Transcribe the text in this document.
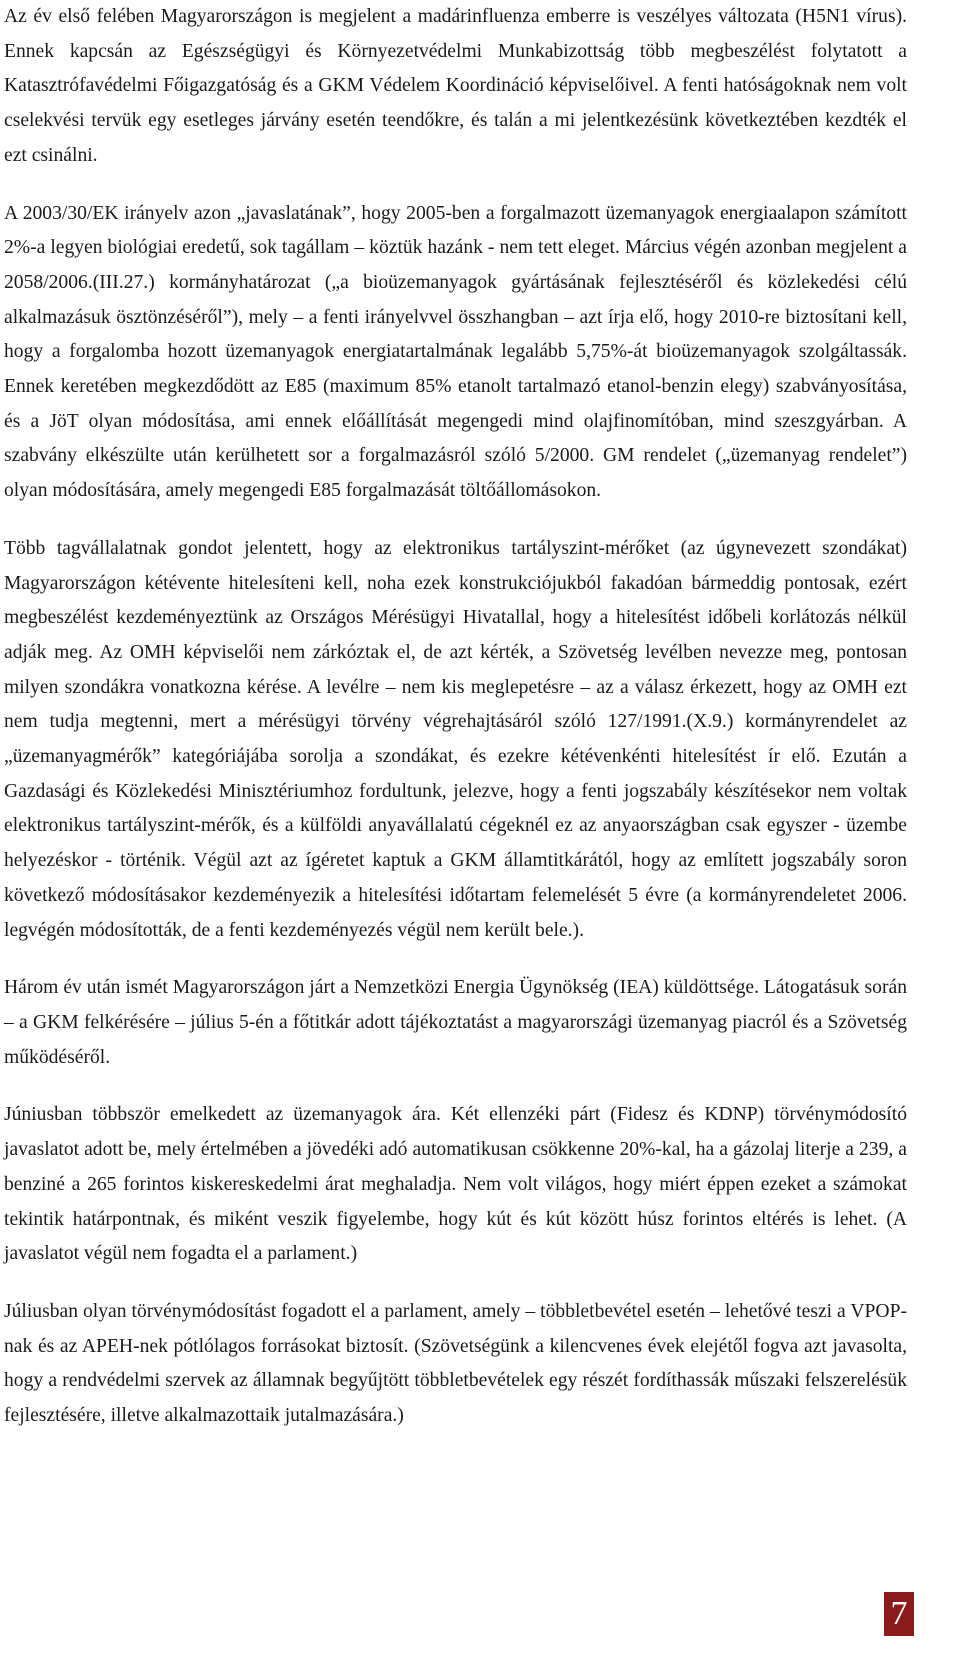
Az év első felében Magyarországon is megjelent a madárinfluenza emberre is veszélyes változata (H5N1 vírus). Ennek kapcsán az Egészségügyi és Környezetvédelmi Munkabizottság több megbeszélést folytatott a Katasztrófavédelmi Főigazgatóság és a GKM Védelem Koordináció képviselőivel. A fenti hatóságoknak nem volt cselekvési tervük egy esetleges járvány esetén teendőkre, és talán a mi jelentkezésünk következtében kezdték el ezt csinálni.

A 2003/30/EK irányelv azon „javaslatának”, hogy 2005-ben a forgalmazott üzemanyagok energiaalapon számított 2%-a legyen biológiai eredetű, sok tagállam – köztük hazánk - nem tett eleget. Március végén azonban megjelent a 2058/2006.(III.27.) kormányhatározat („a bioüzemanyagok gyártásának fejlesztéséről és közlekedési célú alkalmazásuk ösztönzéséről”), mely – a fenti irányelvvel összhangban – azt írja elő, hogy 2010-re biztosítani kell, hogy a forgalomba hozott üzemanyagok energiatartalmának legalább 5,75%-át bioüzemanyagok szolgáltassák. Ennek keretében megkezdődött az E85 (maximum 85% etanolt tartalmazó etanol-benzin elegy) szabványosítása, és a JöT olyan módosítása, ami ennek előállítását megengedi mind olajfinomítóban, mind szeszgyárban. A szabvány elkészülte után kerülhetett sor a forgalmazásról szóló 5/2000. GM rendelet („üzemanyag rendelet”) olyan módosítására, amely megengedi E85 forgalmazását töltőállomásokon.

Több tagvállalatnak gondot jelentett, hogy az elektronikus tartályszint-mérőket (az úgynevezett szondákat) Magyarországon kétévente hitelesíteni kell, noha ezek konstrukciójukból fakadóan bármeddig pontosak, ezért megbeszélést kezdeményeztünk az Országos Mérésügyi Hivatallal, hogy a hitelesítést időbeli korlátozás nélkül adják meg. Az OMH képviselői nem zárkóztak el, de azt kérték, a Szövetség levélben nevezze meg, pontosan milyen szondákra vonatkozna kérése. A levélre – nem kis meglepetésre – az a válasz érkezett, hogy az OMH ezt nem tudja megtenni, mert a mérésügyi törvény végrehajtásáról szóló 127/1991.(X.9.) kormányrendelet az „üzemanyagmérők” kategóriájába sorolja a szondákat, és ezekre kétévenkénti hitelesítést ír elő. Ezután a Gazdasági és Közlekedési Minisztériumhoz fordultunk, jelezve, hogy a fenti jogszabály készítésekor nem voltak elektronikus tartályszint-mérők, és a külföldi anyavállalatú cégeknél ez az anyaországban csak egyszer - üzembe helyezéskor - történik. Végül azt az ígéretet kaptuk a GKM államtitkárától, hogy az említett jogszabály soron következő módosításakor kezdeményezik a hitelesítési időtartam felemelését 5 évre (a kormányrendeletet 2006. legvégén módosították, de a fenti kezdeményezés végül nem került bele.).

Három év után ismét Magyarországon járt a Nemzetközi Energia Ügynökség (IEA) küldöttsége. Látogatásuk során – a GKM felkérésére – július 5-én a főtitkár adott tájékoztatást a magyarországi üzemanyag piacról és a Szövetség működéséről.

Júniusban többször emelkedett az üzemanyagok ára. Két ellenzéki párt (Fidesz és KDNP) törvénymódosító javaslatot adott be, mely értelmében a jövedéki adó automatikusan csökkenne 20%-kal, ha a gázolaj literje a 239, a benziné a 265 forintos kiskereskedelmi árat meghaladja. Nem volt világos, hogy miért éppen ezeket a számokat tekintik határpontnak, és miként veszik figyelembe, hogy kút és kút között húsz forintos eltérés is lehet. (A javaslatot végül nem fogadta el a parlament.)

Júliusban olyan törvénymódosítást fogadott el a parlament, amely – többletbevétel esetén – lehetővé teszi a VPOP-nak és az APEH-nek pótlólagos forrásokat biztosít. (Szövetségünk a kilencvenes évek elejétől fogva azt javasolta, hogy a rendvédelmi szervek az államnak begyűjtött többletbevételek egy részét fordíthassák műszaki felszerelésük fejlesztésére, illetve alkalmazottaik jutalmazására.)

7
